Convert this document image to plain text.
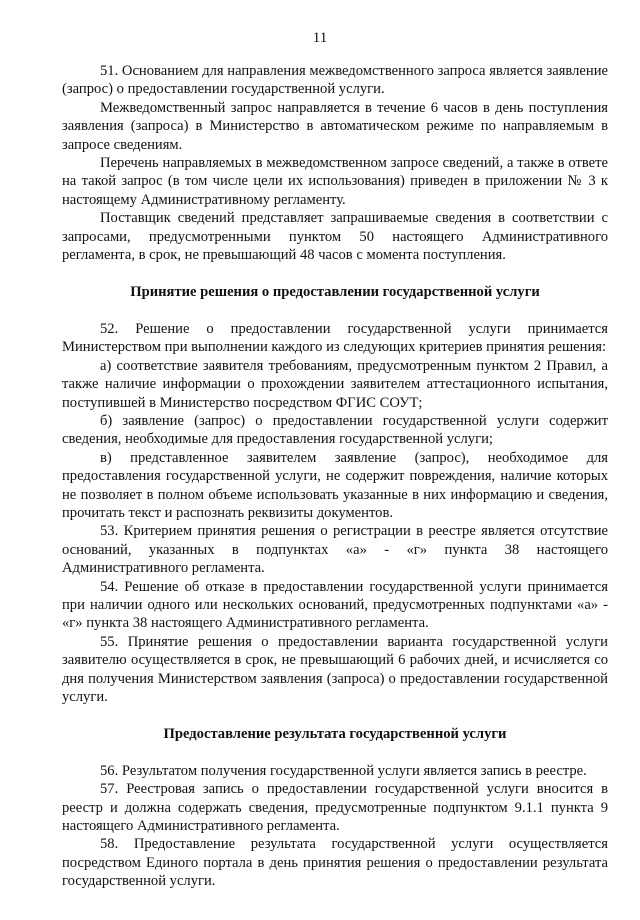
11

51. Основанием для направления межведомственного запроса является заявление (запрос) о предоставлении государственной услуги.

Межведомственный запрос направляется в течение 6 часов в день поступления заявления (запроса) в Министерство в автоматическом режиме по направляемым в запросе сведениям.

Перечень направляемых в межведомственном запросе сведений, а также в ответе на такой запрос (в том числе цели их использования) приведен в приложении № 3 к настоящему Административному регламенту.

Поставщик сведений представляет запрашиваемые сведения в соответствии с запросами, предусмотренными пунктом 50 настоящего Административного регламента, в срок, не превышающий 48 часов с момента поступления.

Принятие решения о предоставлении государственной услуги

52. Решение о предоставлении государственной услуги принимается Министерством при выполнении каждого из следующих критериев принятия решения:

а) соответствие заявителя требованиям, предусмотренным пунктом 2 Правил, а также наличие информации о прохождении заявителем аттестационного испытания, поступившей в Министерство посредством ФГИС СОУТ;

б) заявление (запрос) о предоставлении государственной услуги содержит сведения, необходимые для предоставления государственной услуги;

в) представленное заявителем заявление (запрос), необходимое для предоставления государственной услуги, не содержит повреждения, наличие которых не позволяет в полном объеме использовать указанные в них информацию и сведения, прочитать текст и распознать реквизиты документов.

53. Критерием принятия решения о регистрации в реестре является отсутствие оснований, указанных в подпунктах «а» - «г» пункта 38 настоящего Административного регламента.

54. Решение об отказе в предоставлении государственной услуги принимается при наличии одного или нескольких оснований, предусмотренных подпунктами «а» - «г» пункта 38 настоящего Административного регламента.

55. Принятие решения о предоставлении варианта государственной услуги заявителю осуществляется в срок, не превышающий 6 рабочих дней, и исчисляется со дня получения Министерством заявления (запроса) о предоставлении государственной услуги.

Предоставление результата государственной услуги

56. Результатом получения государственной услуги является запись в реестре.

57. Реестровая запись о предоставлении государственной услуги вносится в реестр и должна содержать сведения, предусмотренные подпунктом 9.1.1 пункта 9 настоящего Административного регламента.

58. Предоставление результата государственной услуги осуществляется посредством Единого портала в день принятия решения о предоставлении результата государственной услуги.
